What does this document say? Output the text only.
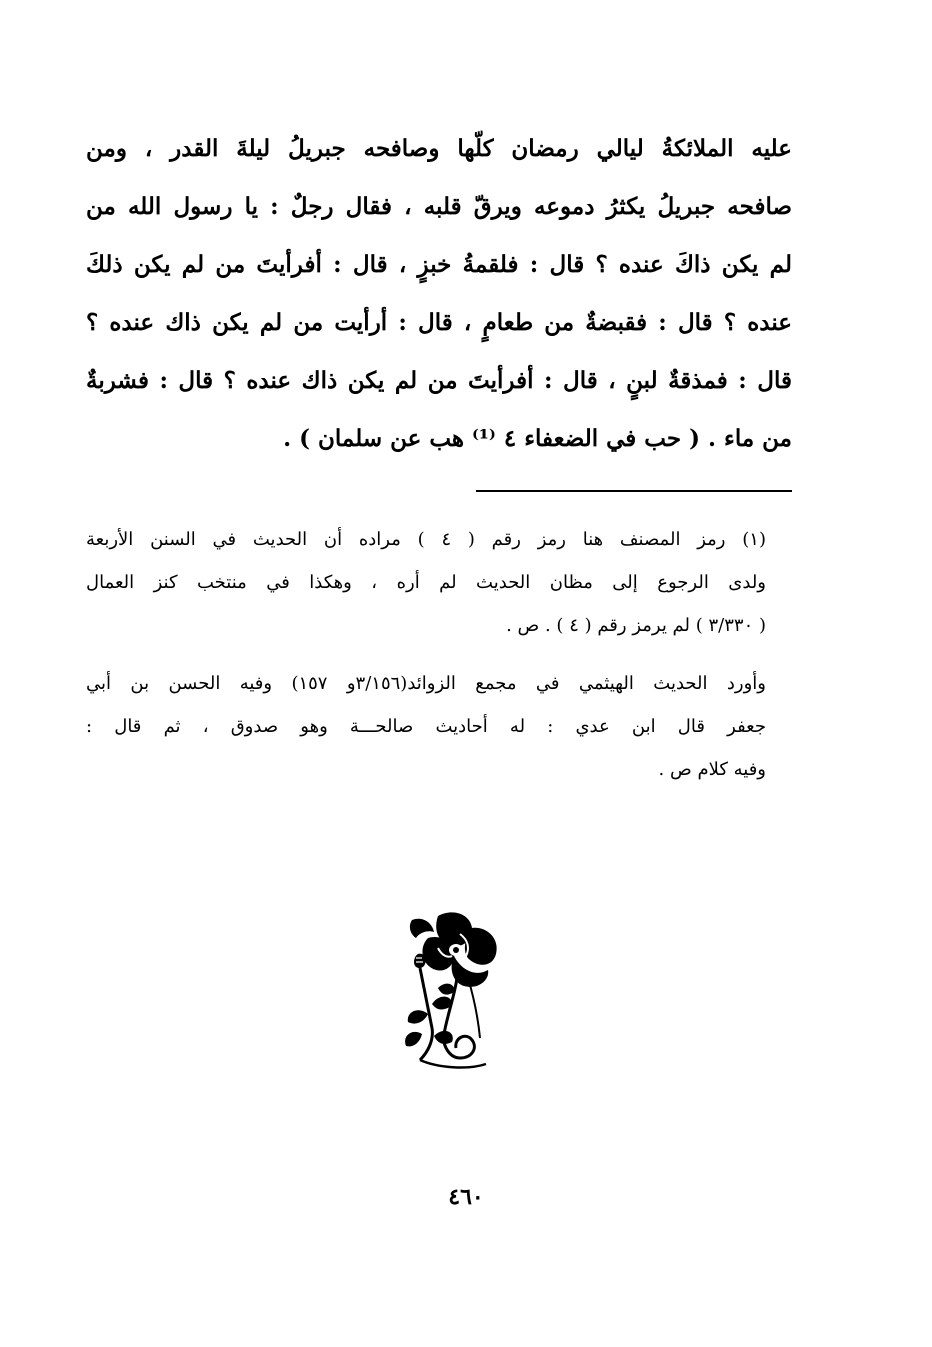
عليه الملائكةُ ليالي رمضان كلّها وصافحه جبريلُ ليلةَ القدر ، ومن
صافحه جبريلُ يكثرُ دموعه ويرقّ قلبه ، فقال رجلٌ : يا رسول الله من
لم يكن ذاكَ عنده ؟ قال : فلقمةُ خبزٍ ، قال : أفرأيتَ من لم يكن ذلكَ
عنده ؟ قال : فقبضةٌ من طعامٍ ، قال : أرأيت من لم يكن ذاك عنده ؟
قال : فمذقةٌ لبنٍ ، قال : أفرأيتَ من لم يكن ذاك عنده ؟ قال : فشربةٌ
من ماء . ( حب في الضعفاء ٤ ⁽¹⁾ هب عن سلمان ) .
(١) رمز المصنف هنا رمز رقم ( ٤ ) مراده أن الحديث في السنن الأربعة
ولدى الرجوع إلى مظان الحديث لم أره ، وهكذا في منتخب كنز العمال
( ٣/٣٣٠ ) لم يرمز رقم ( ٤ ) . ص .
وأورد الحديث الهيثمي في مجمع الزوائد(٣/١٥٦و ١٥٧) وفيه الحسن بن أبي
جعفر قال ابن عدي : له أحاديث صالحـــة وهو صدوق ، ثم قال :
وفيه كلام ص .
٤٦٠
